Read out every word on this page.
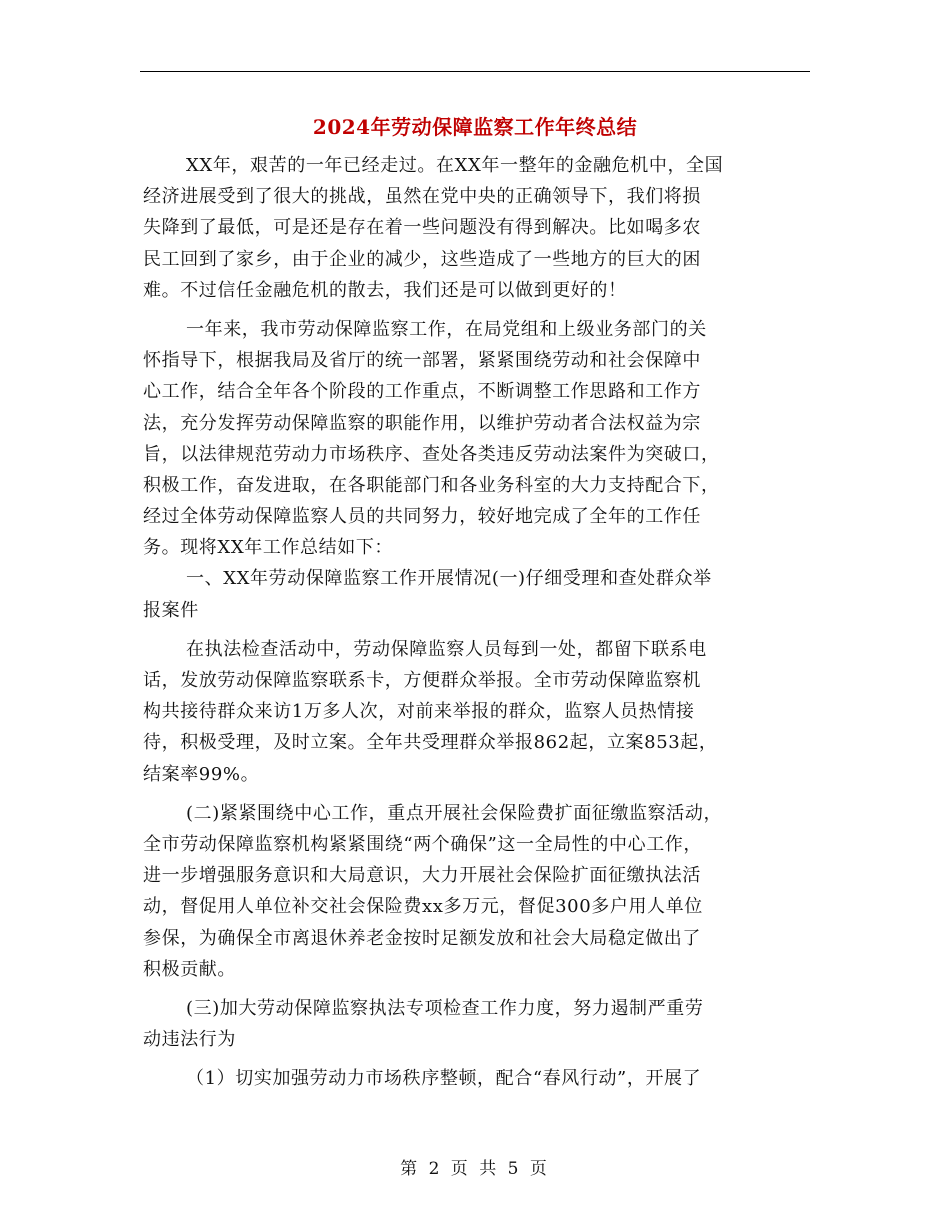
2024年劳动保障监察工作年终总结
XX年，艰苦的一年已经走过。在XX年一整年的金融危机中，全国
经济进展受到了很大的挑战，虽然在党中央的正确领导下，我们将损
失降到了最低，可是还是存在着一些问题没有得到解决。比如喝多农
民工回到了家乡，由于企业的减少，这些造成了一些地方的巨大的困
难。不过信任金融危机的散去，我们还是可以做到更好的！
一年来，我市劳动保障监察工作，在局党组和上级业务部门的关
怀指导下，根据我局及省厅的统一部署，紧紧围绕劳动和社会保障中
心工作，结合全年各个阶段的工作重点，不断调整工作思路和工作方
法，充分发挥劳动保障监察的职能作用，以维护劳动者合法权益为宗
旨，以法律规范劳动力市场秩序、查处各类违反劳动法案件为突破口，
积极工作，奋发进取，在各职能部门和各业务科室的大力支持配合下，
经过全体劳动保障监察人员的共同努力，较好地完成了全年的工作任
务。现将XX年工作总结如下：
一、XX年劳动保障监察工作开展情况(一)仔细受理和查处群众举
报案件
在执法检查活动中，劳动保障监察人员每到一处，都留下联系电
话，发放劳动保障监察联系卡，方便群众举报。全市劳动保障监察机
构共接待群众来访1万多人次，对前来举报的群众，监察人员热情接
待，积极受理，及时立案。全年共受理群众举报862起，立案853起，
结案率99%。
(二)紧紧围绕中心工作，重点开展社会保险费扩面征缴监察活动，
全市劳动保障监察机构紧紧围绕“两个确保”这一全局性的中心工作，
进一步增强服务意识和大局意识，大力开展社会保险扩面征缴执法活
动，督促用人单位补交社会保险费xx多万元，督促300多户用人单位
参保，为确保全市离退休养老金按时足额发放和社会大局稳定做出了
积极贡献。
(三)加大劳动保障监察执法专项检查工作力度，努力遏制严重劳
动违法行为
（1）切实加强劳动力市场秩序整顿，配合“春风行动”，开展了
第 2 页 共 5 页
